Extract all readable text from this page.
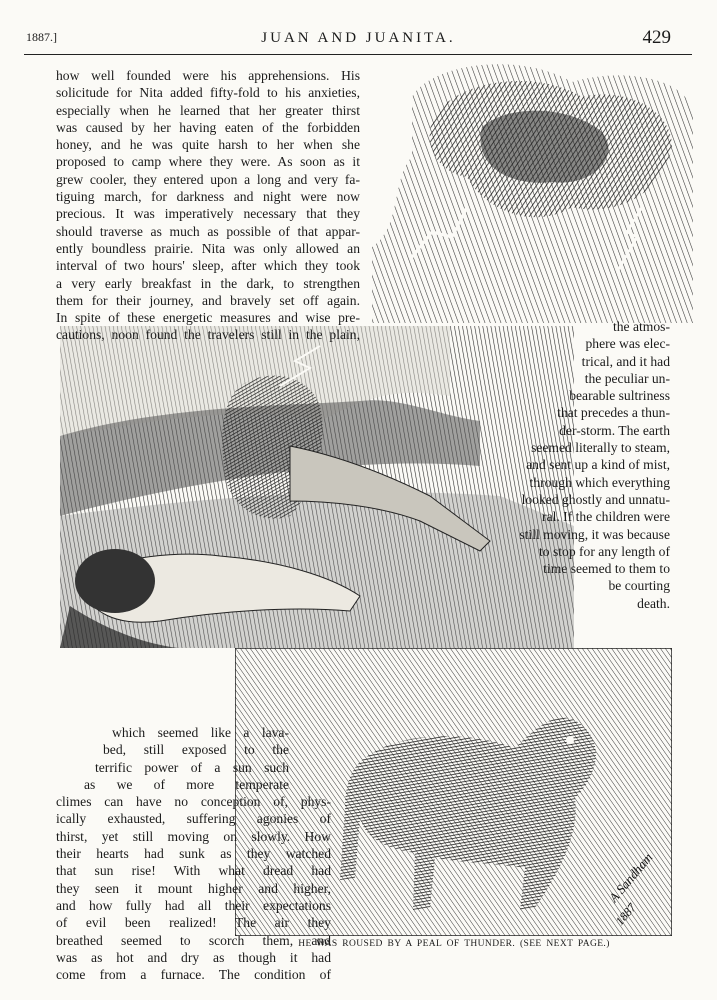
1887.]	JUAN AND JUANITA.	429
A Sandham
1887
how well founded were his apprehensions. His
solicitude for Nita added fifty-fold to his anxieties,
especially when he learned that her greater thirst
was caused by her having eaten of the forbidden
honey, and he was quite harsh to her when she
proposed to camp where they were. As soon as it
grew cooler, they entered upon a long and very fa-
tiguing march, for darkness and night were now
precious. It was imperatively necessary that they
should traverse as much as possible of that appar-
ently boundless prairie. Nita was only allowed an
interval of two hours' sleep, after which they took
a very early breakfast in the dark, to strengthen
them for their journey, and bravely set off again.
In spite of these energetic measures and wise pre-
cautions, noon found the travelers still in the plain,
the atmos-
phere was elec-
trical, and it had
the peculiar un-
bearable sultriness
that precedes a thun-
der-storm. The earth
seemed literally to steam,
and sent up a kind of mist,
through which everything
looked ghostly and unnatu-
ral. If the children were
still moving, it was because
to stop for any length of
time seemed to them to
be courting
death.
which seemed like a lava-
bed, still exposed to the
terrific power of a sun such
as we of more temperate
climes can have no conception of, phys-
ically exhausted, suffering agonies of
thirst, yet still moving on slowly. How
their hearts had sunk as they watched
that sun rise! With what dread had
they seen it mount higher and higher,
and how fully had all their expectations
of evil been realized! The air they
breathed seemed to scorch them, and
was as hot and dry as though it had
come from a furnace. The condition of
HE WAS ROUSED BY A PEAL OF THUNDER. (SEE NEXT PAGE.)
